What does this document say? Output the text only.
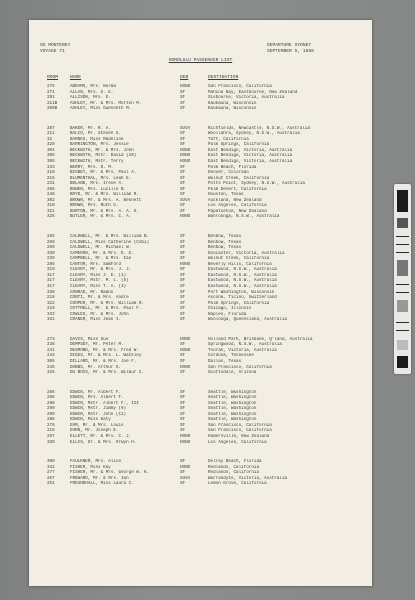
SS MONTEREY
VOYAGE 71
DEPARTURE SYDNEY
SEPTEMBER 5, 1966
HONOLULU PASSENGER LIST
ROOM	NAME	DEB	DESTINATION
275	ABRAMS, Mrs. Norma	HONO	San Francisco, California
271	ALLAN, Mrs. G. E.	SF	Mahina Bay, Eastbourne, New Zealand
291	ALLISON, Mrs. E.	SF	Sisbourne, Victoria, Australia
211B	ASHLEY, Mr. & Mrs. Morton M.	SF	Kaukauna, Wisconsin
208B	ASHLEY, Miss Gwenneth M.	SF	Kaukauna, Wisconsin
287	BAKER, Mr. R. A.	SUVA	Richfields, Newcastle, N.S.W., Australia
211	BALCO, Mr. Steven G.	SF	Woollahra, Sydney, N.S.W., Australia
32	BARNES, Miss Madeline	SF	Taft, California
320	BARRINGTON, Mrs. Jessie	SF	Palm Springs, California
304	BECKWITH, Mr. & Mrs. John	HONO	East Bendigo, Victoria, Australia
306	BECKWITH, Mstr. David (10)	HONO	East Bendigo, Victoria, Australia
306	BECKWITH, Mstr. Terry	HONO	East Bendigo, Victoria, Australia
333	BERRY, Mrs. D. M.	SF	Palm Beach, Florida
210	BIGBEY, Mr. & Mrs. Paul A.	SF	Denver, Colorado
215	BLUMENTHAL, Mrs. Leah E.	SF	Walnut Creek, California
231	BOLAND, Mrs. Irene A.	SF	Potts Point, Sydney, N.S.W., Australia
266	BOWEN, Mrs. Lucille B.	SF	Palm Desert, California
248	BOYD, Mr. & Mrs. William R.	SF	Houston, Texas
302	BROWN, Mr. & Mrs. A. Bennett	SUVA	Auckland, New Zealand
310	BROWN, Mrs. Ruth G.	SF	Los Angeles, California
321	BURTON, Mr. & Mrs. A. A. G.	SF	Papatoetoe, New Zealand
325	BUTLER, Mr. & Mrs. C. A.	HONO	Wahroonga, N.S.W., Australia
265	CALDWELL, Mr. & Mrs. William B.	SF	Benbow, Texas
269	CALDWELL, Miss Catherine (Cobi)	SF	Benbow, Texas
269	CALDWELL, Mr. Michael W.	SF	Benbow, Texas
330	CAMERON, Mr. & Mrs. E. G.	SF	Doncaster, Victoria, Australia
239	CAMPBELL, Mr. & Mrs. Ian	SF	Walnut Creek, California
286	CANTOR, Mrs. Samford	HONO	Beverly Hills, California
319	CLEARY, Mr. & Mrs. J. J.	SF	Eastwood, N.S.W., Australia
317	CLEARY, Miss J. E. (1)	SF	Eastwood, N.S.W., Australia
317	CLEARY, Mstr. M. L. (5)	SF	Eastwood, N.S.W., Australia
317	CLEARY, Miss T. A. (3)	SF	Eastwood, N.S.W., Australia
338	CONRAD, Mr. Ramon	SF	Port Washington, Wisconsin
218	CONTI, Mr. & Mrs. Andre	SF	Ascona, Ticino, Switzerland
322	COOPER, Mr. & Mrs. William R.	SF	Palm Springs, California
219	COTTRELL, Mr. & Mrs. Paul F.	SF	Chicago, Illinois
333	COWLES, Mr. & Mrs. John	SF	Naples, Florida
331	CRANER, Miss Jean I.	SF	Woolooga, Queensland, Australia
273	DAVIS, Miss Sue	HONO	Holland Park, Brisbane, Q'land, Australia
338	DEMPSEY, Mr. Peter M.	SF	Springwood, N.S.W., Australia
241	DESMOND, Mr. & Mrs. Fred W.	HONO	Toorak, Victoria, Australia
243	DIGGS, Mr. & Mrs. L. Watkley	SF	Cordova, Tennessee
305	DILLARD, Mr. & Mrs. Joe F.	SF	Dallas, Texas
246	DOBBS, Mr. Arthur G.	HONO	San Francisco, California
326	DU BOIS, Mr. & Mrs. Wilbur C.	SF	Scottsdale, Arizona
266	EDWIN, Mr. Albert F.	SF	Seattle, Washington
288	EDWIN, Mrs. Albert F.	SF	Seattle, Washington
288	EDWIN, Mstr. Albert F., III	SF	Seattle, Washington
290	EDWIN, Mstr. Jimmy (9)	SF	Seattle, Washington
290	EDWIN, Mstr. John (11)	SF	Seattle, Washington
288	EDWIN, Miss Katy	SF	Seattle, Washington
276	EHM, Mr. & Mrs. Louis	SF	San Francisco, California
216	EHRN, Mr. Joseph E.	SF	San Francisco, California
267	ELLETT, Mr. & Mrs. C. J.	HONO	Hamersville, New Zealand
330	ELLIS, Dr. & Mrs. Orwyn H.	HONO	Los Angeles, California
300	FAULKNER, Mrs. Alice	SF	Delray Beach, Florida
332	FISHER, Miss Kay	HONO	Redlands, California
277	FISHER, Mr. & Mrs. George W. K.	SF	Redlands, California
267	FREWARD, Mr. & Mrs. Ian	SUVA	Warrandyte, Victoria, Australia
251	FREUNDHALL, Miss Laura C.	SF	Lemon Grove, California
